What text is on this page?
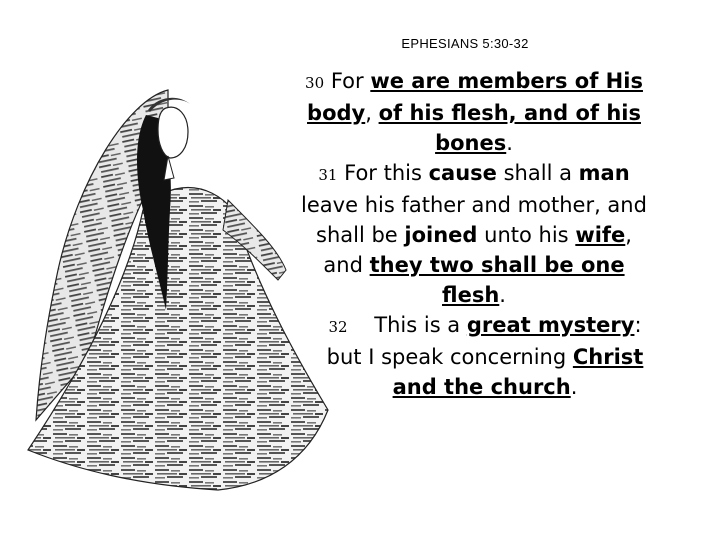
EPHESIANS 5:30-32

30 For we are members of His body, of his flesh, and of his bones.

31 For this cause shall a man leave his father and mother, and shall be joined unto his wife, and they two shall be one flesh.

32 This is a great mystery: but I speak concerning Christ and the church.
